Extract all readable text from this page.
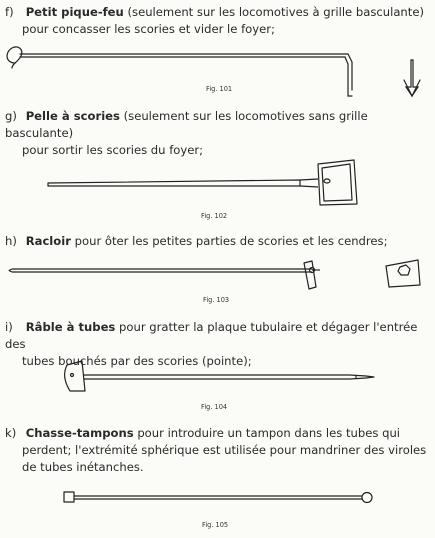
f) Petit pique-feu (seulement sur les locomotives à grille basculante)

pour concasser les scories et vider le foyer;

Fig. 101

g) Pelle à scories (seulement sur les locomotives sans grille basculante)

pour sortir les scories du foyer;

Fig. 102

h) Racloir pour ôter les petites parties de scories et les cendres;

Fig. 103

i) Râble à tubes pour gratter la plaque tubulaire et dégager l'entrée des

tubes bouchés par des scories (pointe);

Fig. 104

k) Chasse-tampons pour introduire un tampon dans les tubes qui

perdent; l'extrémité sphérique est utilisée pour mandriner des viroles

de tubes inétanches.

Fig. 105
